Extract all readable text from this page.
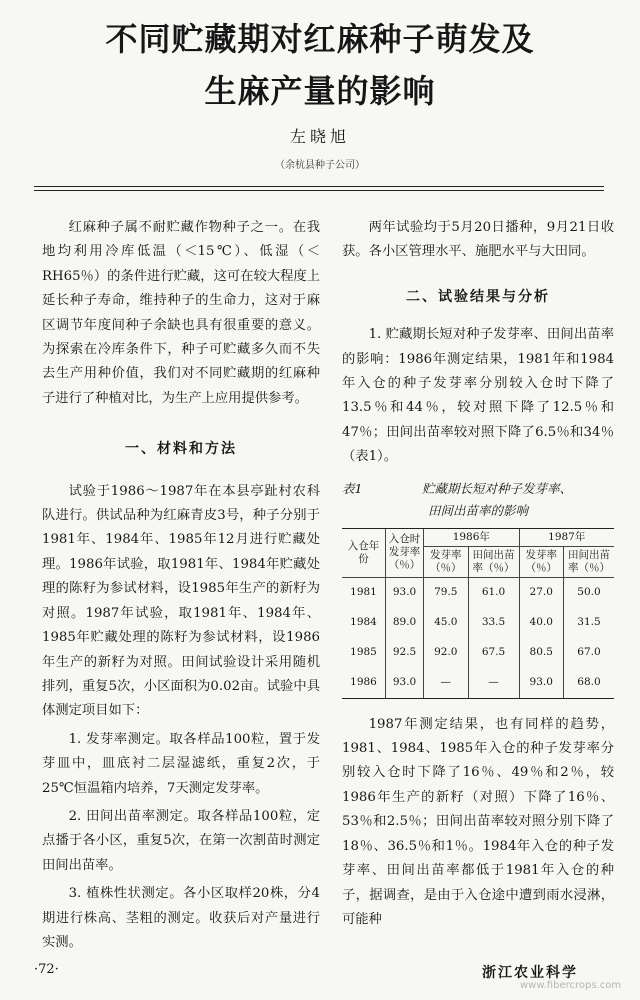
不同贮藏期对红麻种子萌发及
生麻产量的影响
左晓旭
（余杭县种子公司）

红麻种子属不耐贮藏作物种子之一。在我地均利用冷库低温（＜15℃）、低湿（＜RH65％）的条件进行贮藏，这可在较大程度上延长种子寿命，维持种子的生命力，这对于麻区调节年度间种子余缺也具有很重要的意义。为探索在冷库条件下，种子可贮藏多久而不失去生产用种价值，我们对不同贮藏期的红麻种子进行了种植对比，为生产上应用提供参考。

一、材料和方法

试验于1986～1987年在本县亭趾村农科队进行。供试品种为红麻青皮3号，种子分别于1981年、1984年、1985年12月进行贮藏处理。1986年试验，取1981年、1984年贮藏处理的陈籽为参试材料，设1985年生产的新籽为对照。1987年试验，取1981年、1984年、1985年贮藏处理的陈籽为参试材料，设1986年生产的新籽为对照。田间试验设计采用随机排列，重复5次，小区面积为0.02亩。试验中具体测定项目如下：

1. 发芽率测定。取各样品100粒，置于发芽皿中，皿底衬二层湿滤纸，重复2次，于25℃恒温箱内培养，7天测定发芽率。

2. 田间出苗率测定。取各样品100粒，定点播于各小区，重复5次，在第一次割苗时测定田间出苗率。

3. 植株性状测定。各小区取样20株，分4期进行株高、茎粗的测定。收获后对产量进行实测。

两年试验均于5月20日播种，9月21日收获。各小区管理水平、施肥水平与大田同。

二、试验结果与分析

1. 贮藏期长短对种子发芽率、田间出苗率的影响：1986年测定结果，1981年和1984年入仓的种子发芽率分别较入仓时下降了13.5％和44％，较对照下降了12.5％和47％；田间出苗率较对照下降了6.5％和34％（表1）。

表1	贮藏期长短对种子发芽率、
田间出苗率的影响
入仓年份	入仓时发芽率（％）	1986年		1987年	
		发芽率（％）	田间出苗率（％）	发芽率（％）	田间出苗率（％）
1981	93.0	79.5	61.0	27.0	50.0
1984	89.0	45.0	33.5	40.0	31.5
1985	92.5	92.0	67.5	80.5	67.0
1986	93.0	—	—	93.0	68.0

1987年测定结果，也有同样的趋势，1981、1984、1985年入仓的种子发芽率分别较入仓时下降了16％、49％和2％，较1986年生产的新籽（对照）下降了16％、53％和2.5％；田间出苗率较对照分别下降了18％、36.5％和1％。1984年入仓的种子发芽率、田间出苗率都低于1981年入仓的种子，据调查，是由于入仓途中遭到雨水浸淋，可能种

·72·	浙江农业科学
www.fibercrops.com
